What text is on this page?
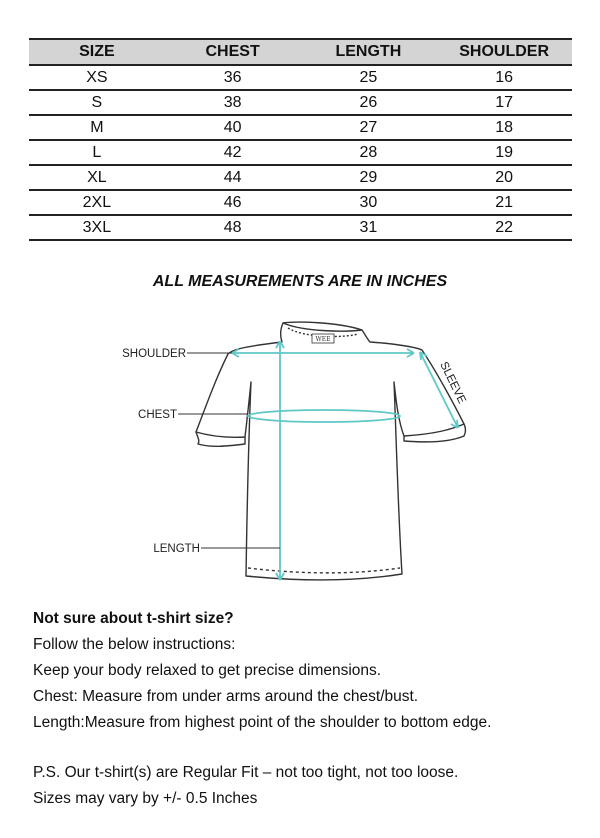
SIZE	CHEST	LENGTH	SHOULDER
XS	36	25	16
S	38	26	17
M	40	27	18
L	42	28	19
XL	44	29	20
2XL	46	30	21
3XL	48	31	22

ALL MEASUREMENTS ARE IN INCHES

WEE
SHOULDER
CHEST
LENGTH
SLEEVE

Not sure about t-shirt size?

Follow the below instructions:

Keep your body relaxed to get precise dimensions.

Chest: Measure from under arms around the chest/bust.

Length:Measure from highest point of the shoulder to bottom edge.

P.S. Our t-shirt(s) are Regular Fit – not too tight, not too loose.

Sizes may vary by +/- 0.5 Inches
